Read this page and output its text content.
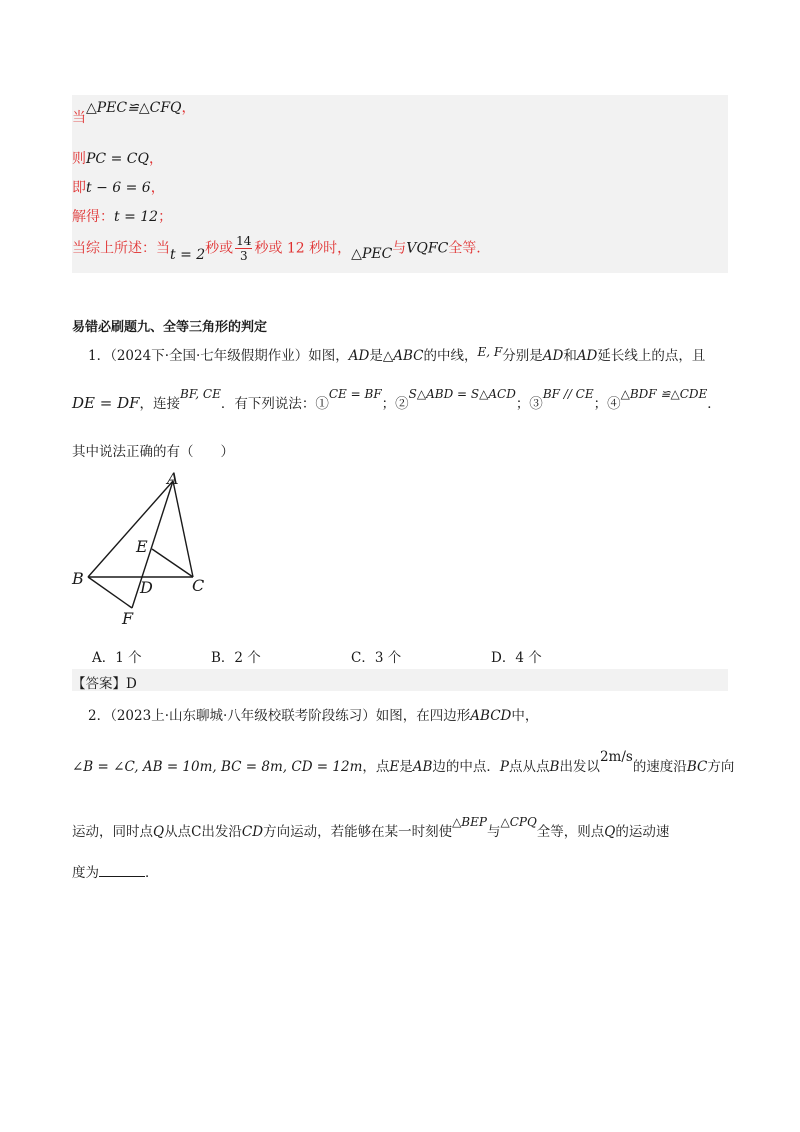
当△PEC≌△CFQ，
则PC = CQ，
即t − 6 = 6，
解得：t = 12；
当综上所述：当t = 2秒或 $\frac{14}{3}$ 秒或 12 秒时，△PEC与VQFC全等.
易错必刷题九、全等三角形的判定
1．（2024下·全国·七年级假期作业）如图，AD是△ABC的中线，E, F分别是AD和AD延长线上的点，且
DE = DF，连接BF, CE．有下列说法：①CE = BF；②S△ABD = S△ACD；③BF // CE；④△BDF ≌△CDE．
其中说法正确的有（　　）
A
B	C
D
E
F
A．1 个	B．2 个	C．3 个	D．4 个
【答案】D
2．（2023上·山东聊城·八年级校联考阶段练习）如图，在四边形ABCD中，
∠B = ∠C, AB = 10m, BC = 8m, CD = 12m，点E是AB边的中点．P点从点B出发以2m/s的速度沿BC方向
运动，同时点Q从点C出发沿CD方向运动，若能够在某一时刻使△BEP与△CPQ全等，则点Q的运动速
度为	．
